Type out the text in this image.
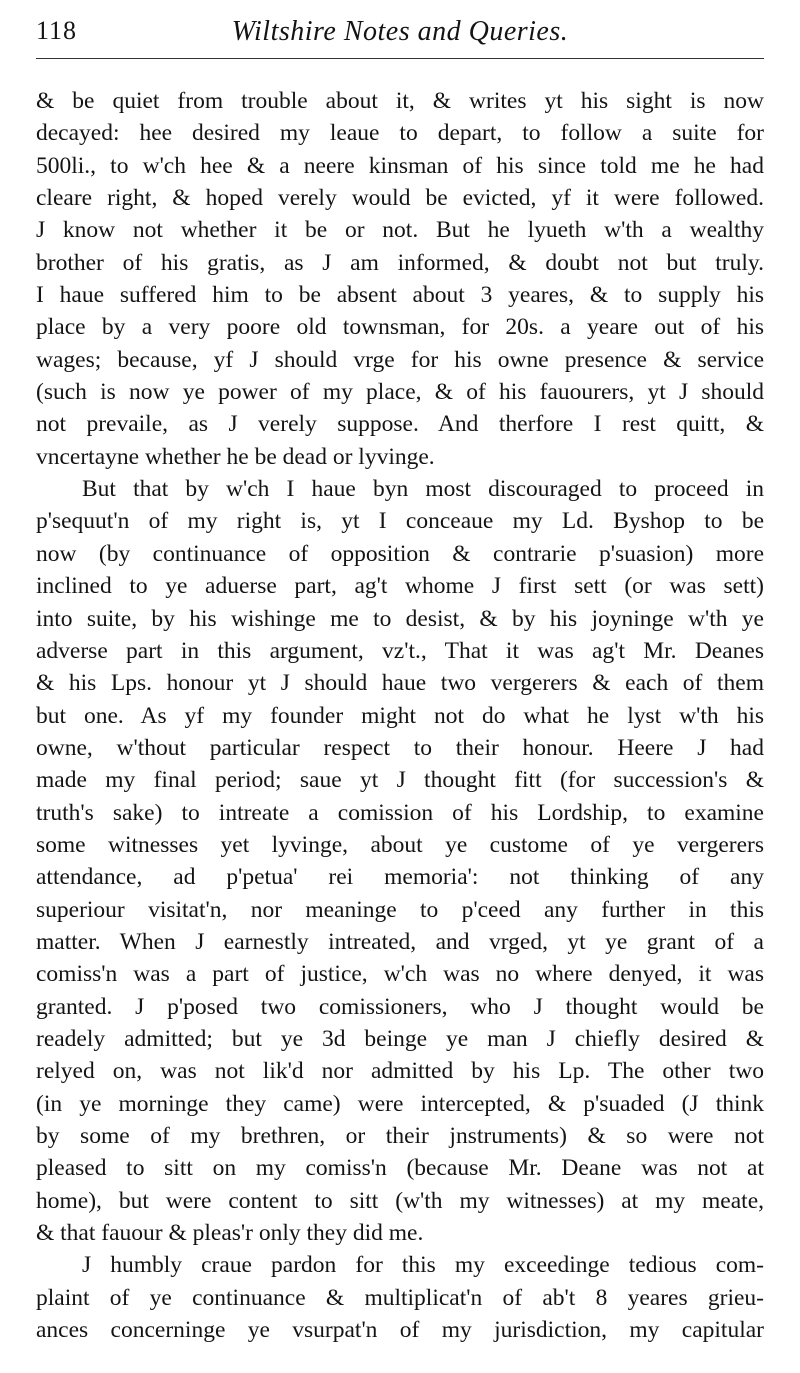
118	Wiltshire Notes and Queries.
& be quiet from trouble about it, & writes yt his sight is now
decayed: hee desired my leaue to depart, to follow a suite for
500li., to w'ch hee & a neere kinsman of his since told me he had
cleare right, & hoped verely would be evicted, yf it were followed.
J know not whether it be or not. But he lyueth w'th a wealthy
brother of his gratis, as J am informed, & doubt not but truly.
I haue suffered him to be absent about 3 yeares, & to supply his
place by a very poore old townsman, for 20s. a yeare out of his
wages; because, yf J should vrge for his owne presence & service
(such is now ye power of my place, & of his fauourers, yt J should
not prevaile, as J verely suppose. And therfore I rest quitt, &
vncertayne whether he be dead or lyvinge.
But that by w'ch I haue byn most discouraged to proceed in
p'sequut'n of my right is, yt I conceaue my Ld. Byshop to be
now (by continuance of opposition & contrarie p'suasion) more
inclined to ye aduerse part, ag't whome J first sett (or was sett)
into suite, by his wishinge me to desist, & by his joyninge w'th ye
adverse part in this argument, vz't., That it was ag't Mr. Deanes
& his Lps. honour yt J should haue two vergerers & each of them
but one. As yf my founder might not do what he lyst w'th his
owne, w'thout particular respect to their honour. Heere J had
made my final period; saue yt J thought fitt (for succession's &
truth's sake) to intreate a comission of his Lordship, to examine
some witnesses yet lyvinge, about ye custome of ye vergerers
attendance, ad p'petua' rei memoria': not thinking of any
superiour visitat'n, nor meaninge to p'ceed any further in this
matter. When J earnestly intreated, and vrged, yt ye grant of a
comiss'n was a part of justice, w'ch was no where denyed, it was
granted. J p'posed two comissioners, who J thought would be
readely admitted; but ye 3d beinge ye man J chiefly desired &
relyed on, was not lik'd nor admitted by his Lp. The other two
(in ye morninge they came) were intercepted, & p'suaded (J think
by some of my brethren, or their jnstruments) & so were not
pleased to sitt on my comiss'n (because Mr. Deane was not at
home), but were content to sitt (w'th my witnesses) at my meate,
& that fauour & pleas'r only they did me.
J humbly craue pardon for this my exceedinge tedious com-
plaint of ye continuance & multiplicat'n of ab't 8 yeares grieu-
ances concerninge ye vsurpat'n of my jurisdiction, my capitular
